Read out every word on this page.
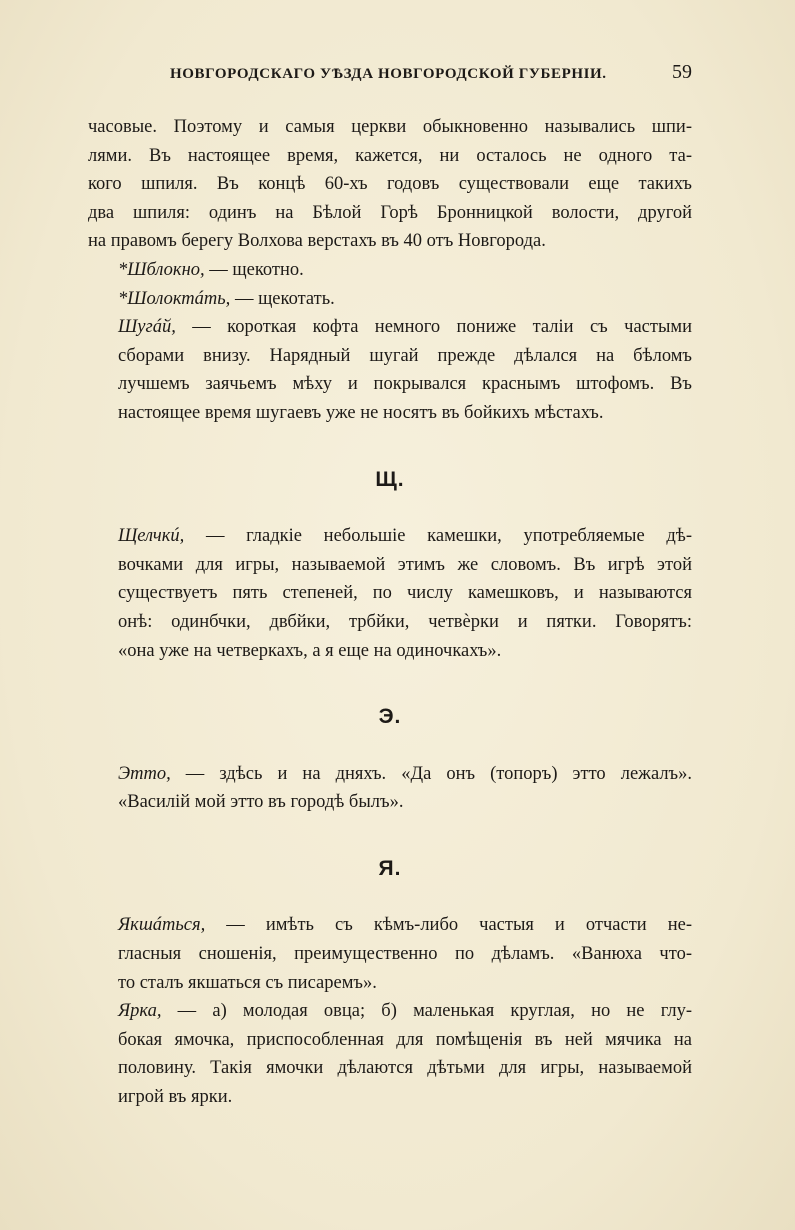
НОВГОРОДСКАГО УѢЗДА НОВГОРОДСКОЙ ГУБЕРНІИ.	59

часовые. Поэтому и самыя церкви обыкновенно назывались шпи-
лями. Въ настоящее время, кажется, ни осталось не одного та-
кого шпиля. Въ концѣ 60-хъ годовъ существовали еще такихъ
два шпиля: одинъ на Бѣлой Горѣ Бронницкой волости, другой
на правомъ берегу Волхова верстахъ въ 40 отъ Новгорода.

*Шблокно, — щекотно.

*Шолоктáть, — щекотать.

Шугáй, — короткая кофта немного пониже таліи съ частыми
сборами внизу. Нарядный шугай прежде дѣлался на бѣломъ
лучшемъ заячьемъ мѣху и покрывался краснымъ штофомъ. Въ
настоящее время шугаевъ уже не носятъ въ бойкихъ мѣстахъ.

Щ.

Щелчкú, — гладкіе небольшіе камешки, употребляемые дѣ-
вочками для игры, называемой этимъ же словомъ. Въ игрѣ этой
существуетъ пять степеней, по числу камешковъ, и называются
онѣ: одинбчки, двбйки, трбйки, четвѐрки и пятки. Говорятъ:
«она уже на четверкахъ, а я еще на одиночкахъ».

Э.

Этто, — здѣсь и на дняхъ. «Да онъ (топоръ) этто лежалъ».
«Василій мой этто въ городѣ былъ».

Я.

Якшáться, — имѣть съ кѣмъ-либо частыя и отчасти не-
гласныя сношенія, преимущественно по дѣламъ. «Ванюха что-
то сталъ якшаться съ писаремъ».

Ярка, — а) молодая овца; б) маленькая круглая, но не глу-
бокая ямочка, приспособленная для помѣщенія въ ней мячика на
половину. Такія ямочки дѣлаются дѣтьми для игры, называемой
игрой въ ярки.
